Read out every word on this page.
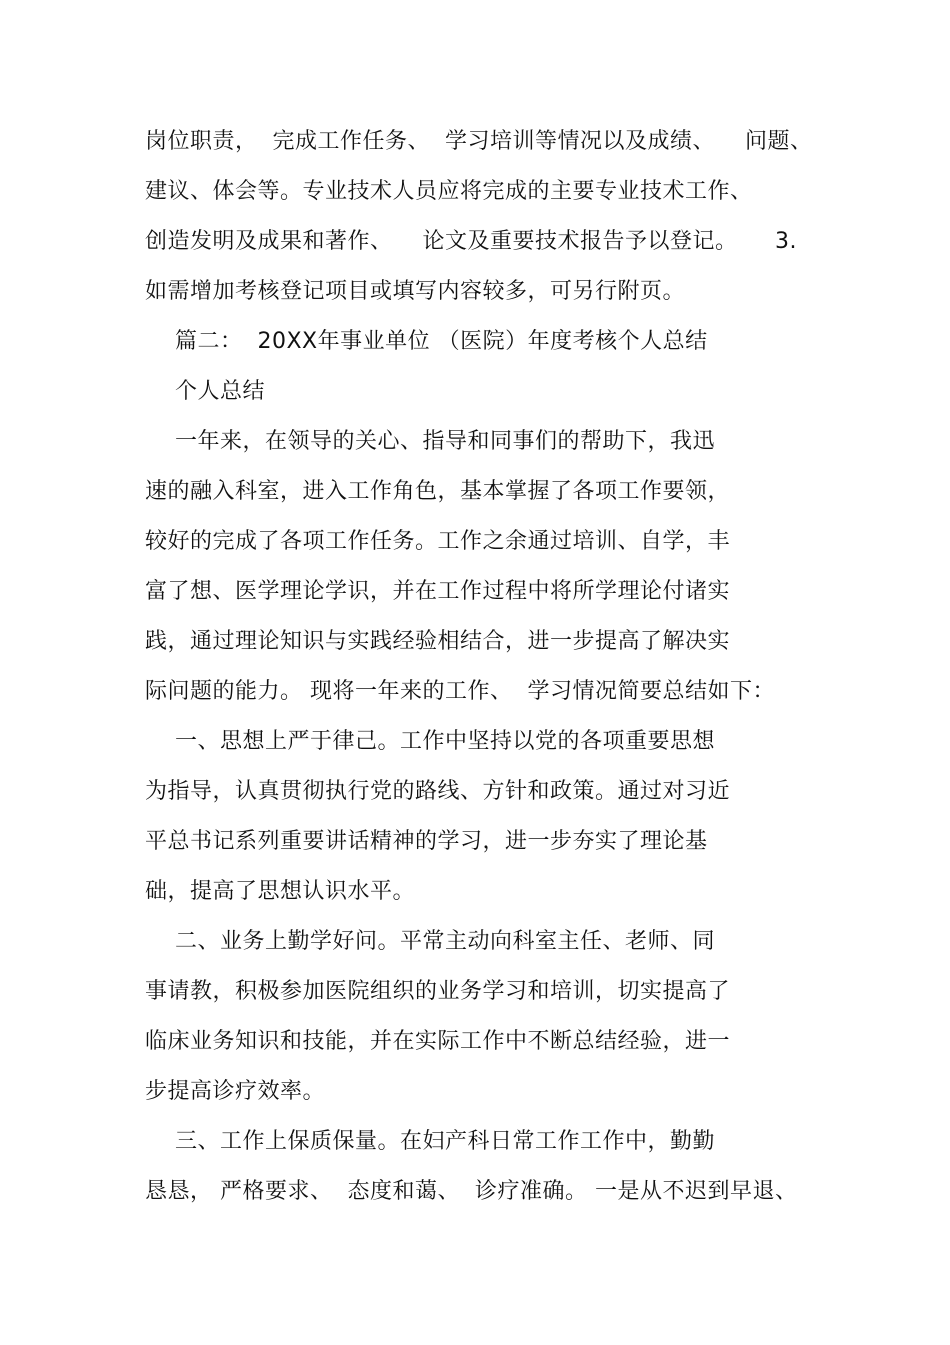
岗位职责，  完成工作任务、  学习培训等情况以及成绩、    问题、
建议、体会等。专业技术人员应将完成的主要专业技术工作、
创造发明及成果和著作、    论文及重要技术报告予以登记。     3.
如需增加考核登记项目或填写内容较多，可另行附页。
篇二：  20XX年事业单位 （医院）年度考核个人总结
个人总结
一年来，在领导的关心、指导和同事们的帮助下，我迅
速的融入科室，进入工作角色，基本掌握了各项工作要领，
较好的完成了各项工作任务。工作之余通过培训、自学，丰
富了想、医学理论学识，并在工作过程中将所学理论付诸实
践，通过理论知识与实践经验相结合，进一步提高了解决实
际问题的能力。 现将一年来的工作、  学习情况简要总结如下：
一、思想上严于律己。工作中坚持以党的各项重要思想
为指导，认真贯彻执行党的路线、方针和政策。通过对习近
平总书记系列重要讲话精神的学习，进一步夯实了理论基
础，提高了思想认识水平。
二、业务上勤学好问。平常主动向科室主任、老师、同
事请教，积极参加医院组织的业务学习和培训，切实提高了
临床业务知识和技能，并在实际工作中不断总结经验，进一
步提高诊疗效率。
三、工作上保质保量。在妇产科日常工作工作中，勤勤
恳恳， 严格要求、  态度和蔼、  诊疗准确。 一是从不迟到早退、
